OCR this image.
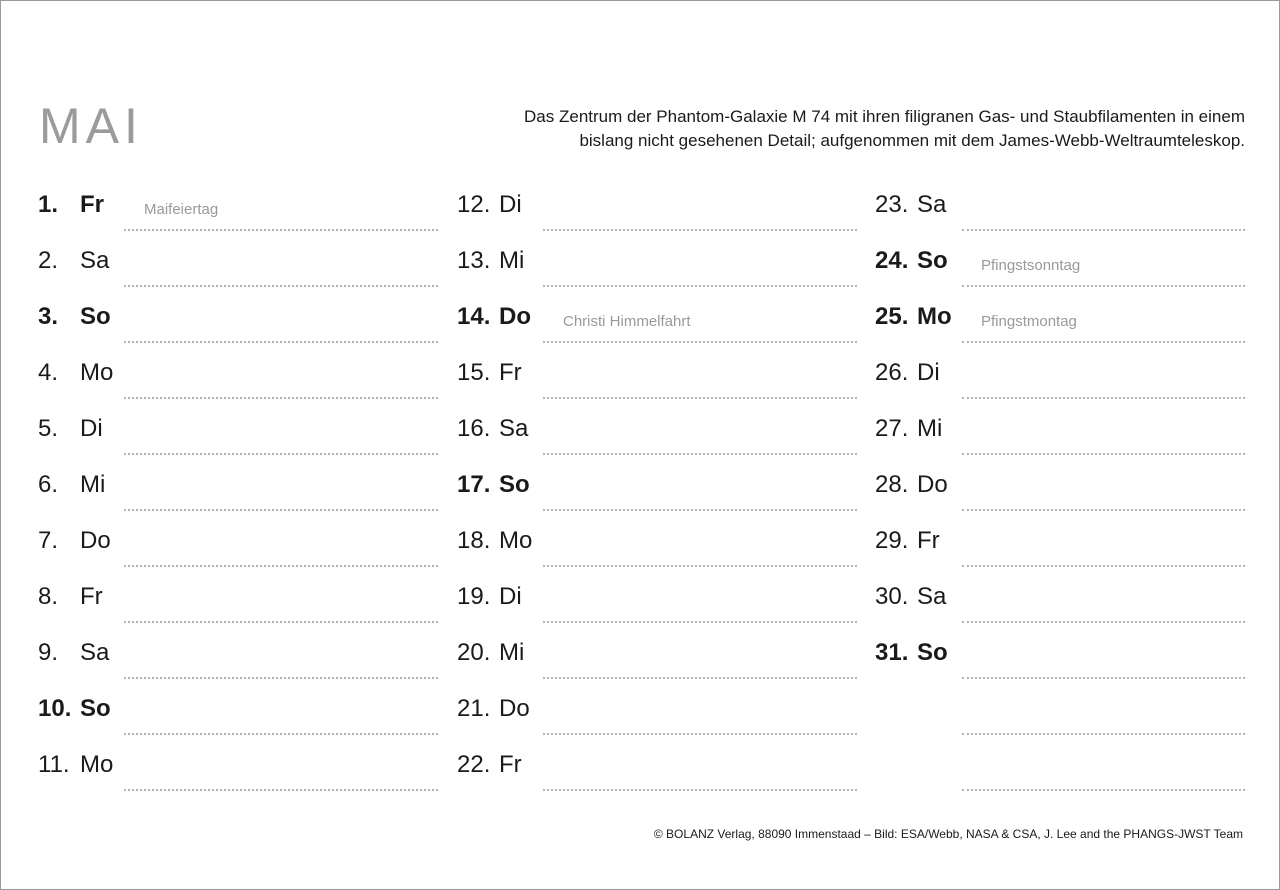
MAI	Das Zentrum der Phantom-Galaxie M 74 mit ihren filigranen Gas- und Staubfilamenten in einem
bislang nicht gesehenen Detail; aufgenommen mit dem James-Webb-Weltraumteleskop.
1. Fr	Maifeiertag
2. Sa
3. So
4. Mo
5. Di
6. Mi
7. Do
8. Fr
9. Sa
10. So
11. Mo
12. Di
13. Mi
14. Do Christi Himmelfahrt
15. Fr
16. Sa
17. So
18. Mo
19. Di
20. Mi
21. Do
22. Fr
23. Sa
24. So Pfingstsonntag
25. Mo Pfingstmontag
26. Di
27. Mi
28. Do
29. Fr
30. Sa
31. So
© BOLANZ Verlag, 88090 Immenstaad – Bild: ESA/Webb, NASA & CSA, J. Lee and the PHANGS-JWST Team
